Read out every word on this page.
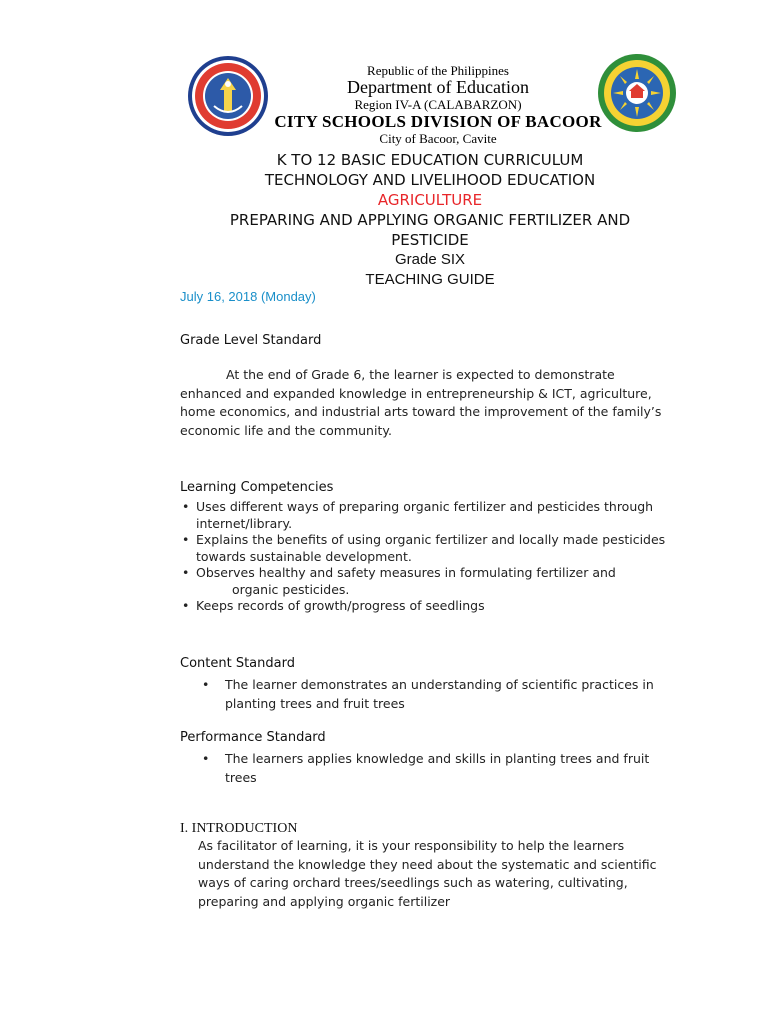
Republic of the Philippines
Department of Education
Region IV-A (CALABARZON)
CITY SCHOOLS DIVISION OF BACOOR
City of Bacoor, Cavite
K TO 12 BASIC EDUCATION CURRICULUM
TECHNOLOGY AND LIVELIHOOD EDUCATION
AGRICULTURE
PREPARING AND APPLYING ORGANIC FERTILIZER AND
PESTICIDE
Grade SIX
TEACHING GUIDE
July 16, 2018 (Monday)
Grade Level Standard

At the end of Grade 6, the learner is expected to demonstrate enhanced and expanded knowledge in entrepreneurship & ICT, agriculture, home economics, and industrial arts toward the improvement of the family’s economic life and the community.

Learning Competencies
• Uses different ways of preparing organic fertilizer and pesticides through
internet/library.
• Explains the benefits of using organic fertilizer and locally made pesticides
towards sustainable development.
• Observes healthy and safety measures in formulating fertilizer and
organic pesticides.
• Keeps records of growth/progress of seedlings
Content Standard
• The learner demonstrates an understanding of scientific practices in planting trees and fruit trees
Performance Standard
• The learners applies knowledge and skills in planting trees and fruit trees
I. INTRODUCTION

As facilitator of learning, it is your responsibility to help the learners understand the knowledge they need about the systematic and scientific ways of caring orchard trees/seedlings such as watering, cultivating, preparing and applying organic fertilizer
